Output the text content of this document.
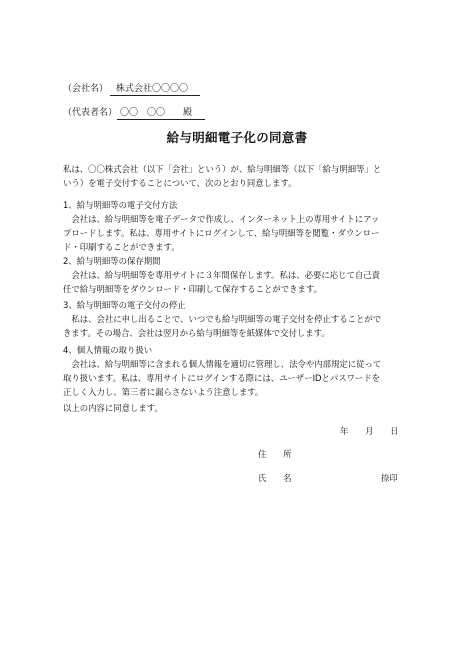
（会社名） 株式会社〇〇〇〇
（代表者名） 〇〇　〇〇　　殿
給与明細電子化の同意書
私は、〇〇株式会社（以下「会社」という）が、給与明細等（以下「給与明細等」と
いう）を電子交付することについて、次のとおり同意します。
1、給与明細等の電子交付方法
　会社は、給与明細等を電子データで作成し、インターネット上の専用サイトにアッ
プロードします。私は、専用サイトにログインして、給与明細等を閲覧・ダウンロー
ド・印刷することができます。
2、給与明細等の保存期間
　会社は、給与明細等を専用サイトに３年間保存します。私は、必要に応じて自己責
任で給与明細等をダウンロード・印刷して保存することができます。
3、給与明細等の電子交付の停止
　私は、会社に申し出ることで、いつでも給与明細等の電子交付を停止することがで
きます。その場合、会社は翌月から給与明細等を紙媒体で交付します。
4、個人情報の取り扱い
　会社は、給与明細等に含まれる個人情報を適切に管理し、法令や内部規定に従って
取り扱います。私は、専用サイトにログインする際には、ユーザーIDとパスワードを
正しく入力し、第三者に漏らさないよう注意します。
以上の内容に同意します。
年　　月　　日
住　　所
氏　　名	捺印
